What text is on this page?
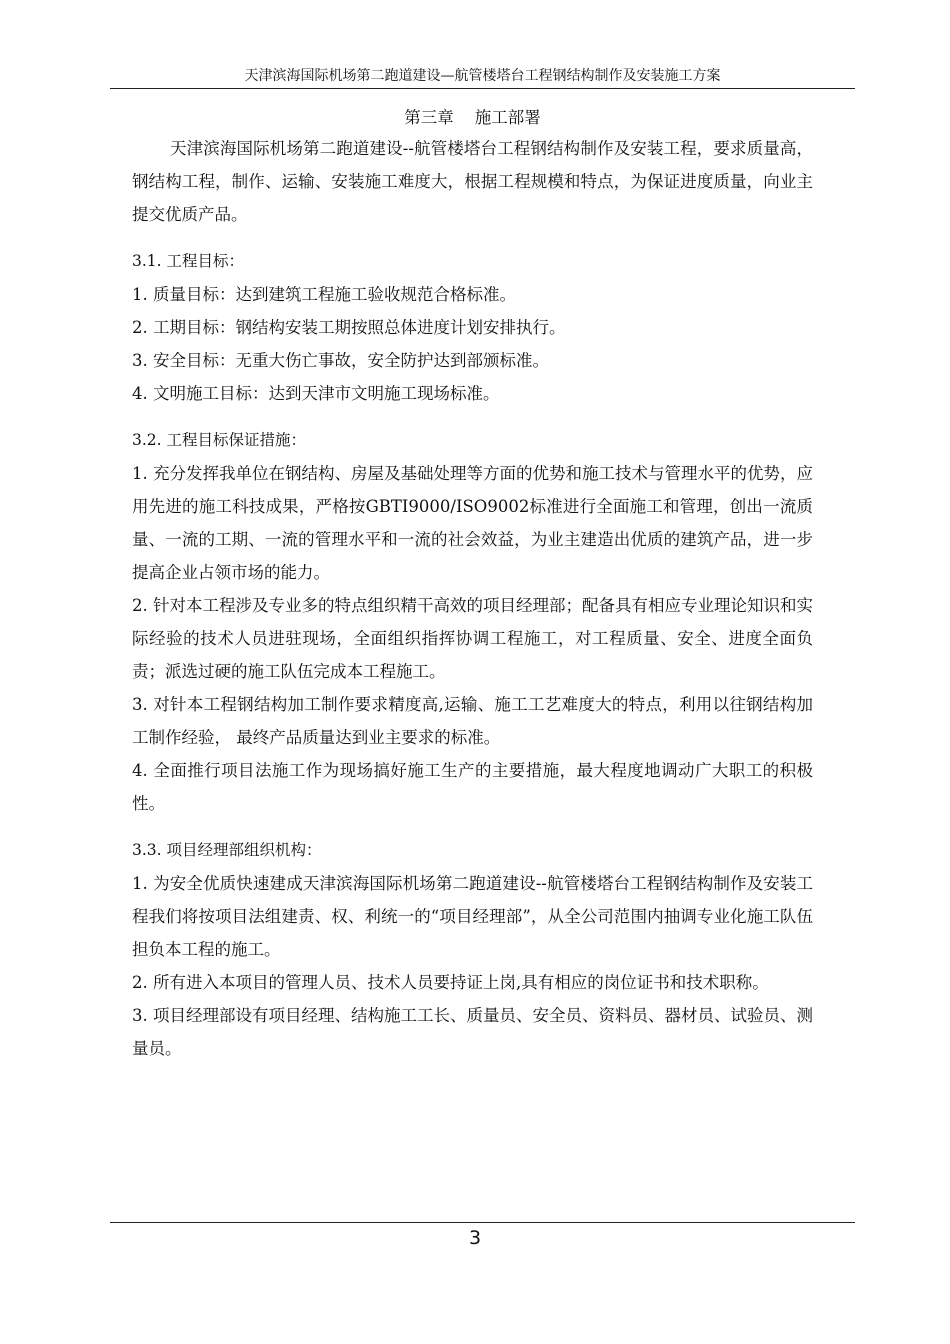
天津滨海国际机场第二跑道建设—航管楼塔台工程钢结构制作及安装施工方案
第三章 施工部署

天津滨海国际机场第二跑道建设--航管楼塔台工程钢结构制作及安装工程，要求质量高，钢结构工程，制作、运输、安装施工难度大，根据工程规模和特点，为保证进度质量，向业主提交优质产品。

3.1. 工程目标：

1. 质量目标：达到建筑工程施工验收规范合格标准。

2. 工期目标：钢结构安装工期按照总体进度计划安排执行。

3. 安全目标：无重大伤亡事故，安全防护达到部颁标准。

4. 文明施工目标：达到天津市文明施工现场标准。

3.2. 工程目标保证措施：

1. 充分发挥我单位在钢结构、房屋及基础处理等方面的优势和施工技术与管理水平的优势，应用先进的施工科技成果，严格按GBTI9000/ISO9002标准进行全面施工和管理，创出一流质量、一流的工期、一流的管理水平和一流的社会效益，为业主建造出优质的建筑产品，进一步提高企业占领市场的能力。

2. 针对本工程涉及专业多的特点组织精干高效的项目经理部；配备具有相应专业理论知识和实际经验的技术人员进驻现场，全面组织指挥协调工程施工，对工程质量、安全、进度全面负责；派选过硬的施工队伍完成本工程施工。

3. 对针本工程钢结构加工制作要求精度高,运输、施工工艺难度大的特点，利用以往钢结构加工制作经验， 最终产品质量达到业主要求的标准。

4. 全面推行项目法施工作为现场搞好施工生产的主要措施，最大程度地调动广大职工的积极性。

3.3. 项目经理部组织机构：

1. 为安全优质快速建成天津滨海国际机场第二跑道建设--航管楼塔台工程钢结构制作及安装工程我们将按项目法组建责、权、利统一的“项目经理部”，从全公司范围内抽调专业化施工队伍担负本工程的施工。

2. 所有进入本项目的管理人员、技术人员要持证上岗,具有相应的岗位证书和技术职称。

3. 项目经理部设有项目经理、结构施工工长、质量员、安全员、资料员、器材员、试验员、测量员。

3
